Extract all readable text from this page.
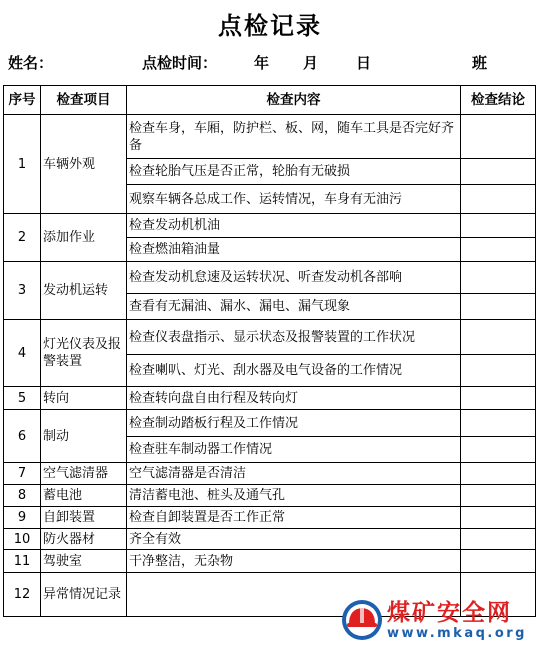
点检记录
姓名：	点检时间： 年 月	日	班
序号	检查项目	检查内容	检查结论
1	车辆外观	检查车身，车厢，防护栏、板、网，随车工具是否完好齐备	
		检查轮胎气压是否正常，轮胎有无破损	
		观察车辆各总成工作、运转情况，车身有无油污	
2	添加作业	检查发动机机油	
		检查燃油箱油量	
3	发动机运转	检查发动机怠速及运转状况、听查发动机各部响	
		查看有无漏油、漏水、漏电、漏气现象	
4	灯光仪表及报警装置	检查仪表盘指示、显示状态及报警装置的工作状况	
		检查喇叭、灯光、刮水器及电气设备的工作情况	
5	转向	检查转向盘自由行程及转向灯	
6	制动	检查制动踏板行程及工作情况	
		检查驻车制动器工作情况	
7	空气滤清器	空气滤清器是否清洁	
8	蓄电池	清洁蓄电池、桩头及通气孔	
9	自卸装置	检查自卸装置是否工作正常	
10	防火器材	齐全有效	
11	驾驶室	干净整洁，无杂物	
12	异常情况记录		
煤矿安全网
www.mkaq.org
